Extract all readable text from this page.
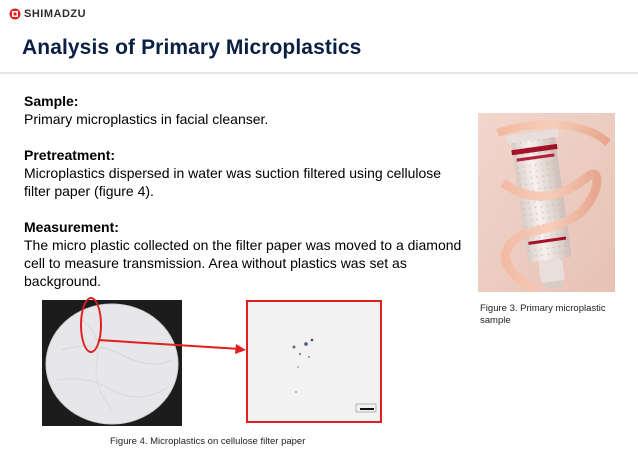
SHIMADZU
Analysis of Primary Microplastics

Sample:

Primary microplastics in facial cleanser.

Pretreatment:

Microplastics dispersed in water was suction filtered using cellulose filter paper (figure 4).

Measurement:

The micro plastic collected on the filter paper was moved to a diamond cell to measure transmission. Area without plastics was set as background.

Figure 3. Primary microplastic sample
Figure 4. Microplastics on cellulose filter paper
